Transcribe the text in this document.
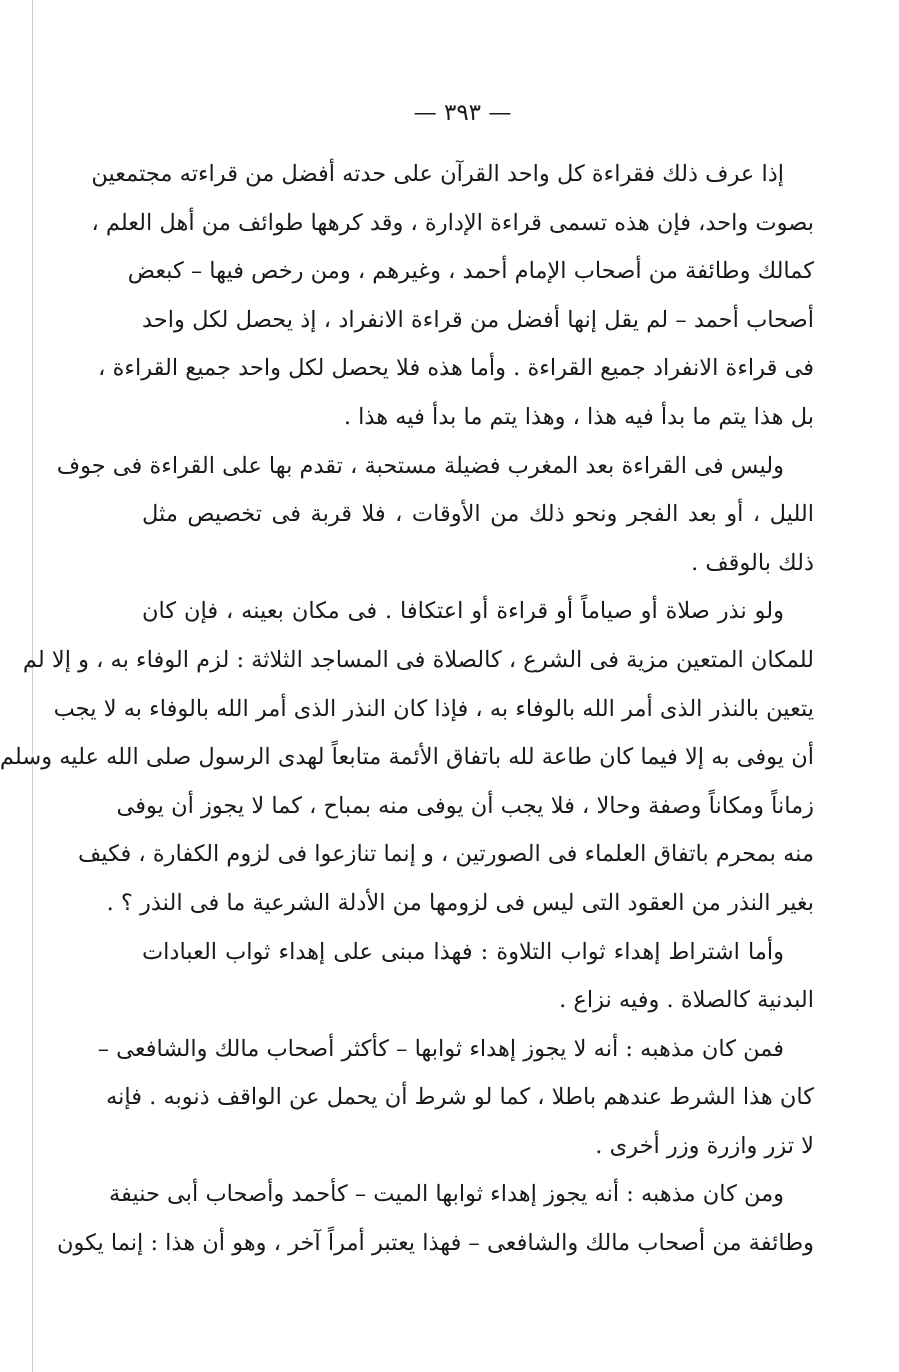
— ٣٩٣ —
إذا عرف ذلك فقراءة كل واحد القرآن على حدته أفضل من قراءته مجتمعين
بصوت واحد، فإن هذه تسمى قراءة الإدارة ، وقد كرهها طوائف من أهل العلم ،
كمالك وطائفة من أصحاب الإمام أحمد ، وغيرهم ، ومن رخص فيها – كبعض
أصحاب أحمد – لم يقل إنها أفضل من قراءة الانفراد ، إذ يحصل لكل واحد
فى قراءة الانفراد جميع القراءة . وأما هذه فلا يحصل لكل واحد جميع القراءة ،
بل هذا يتم ما بدأ فيه هذا ، وهذا يتم ما بدأ فيه هذا .
وليس فى القراءة بعد المغرب فضيلة مستحبة ، تقدم بها على القراءة فى جوف
الليل ، أو بعد الفجر ونحو ذلك من الأوقات ، فلا قربة فى تخصيص مثل
ذلك بالوقف .
ولو نذر صلاة أو صياماً أو قراءة أو اعتكافا . فى مكان بعينه ، فإن كان
للمكان المتعين مزية فى الشرع ، كالصلاة فى المساجد الثلاثة : لزم الوفاء به ، و إلا لم
يتعين بالنذر الذى أمر الله بالوفاء به ، فإذا كان النذر الذى أمر الله بالوفاء به لا يجب
أن يوفى به إلا فيما كان طاعة لله باتفاق الأئمة متابعاً لهدى الرسول صلى الله عليه وسلم
زماناً ومكاناً وصفة وحالا ، فلا يجب أن يوفى منه بمباح ، كما لا يجوز أن يوفى
منه بمحرم باتفاق العلماء فى الصورتين ، و إنما تنازعوا فى لزوم الكفارة ، فكيف
بغير النذر من العقود التى ليس فى لزومها من الأدلة الشرعية ما فى النذر ؟ .
وأما اشتراط إهداء ثواب التلاوة : فهذا مبنى على إهداء ثواب العبادات
البدنية كالصلاة . وفيه نزاع .
فمن كان مذهبه : أنه لا يجوز إهداء ثوابها – كأكثر أصحاب مالك والشافعى –
كان هذا الشرط عندهم باطلا ، كما لو شرط أن يحمل عن الواقف ذنوبه . فإنه
لا تزر وازرة وزر أخرى .
ومن كان مذهبه : أنه يجوز إهداء ثوابها الميت – كأحمد وأصحاب أبى حنيفة
وطائفة من أصحاب مالك والشافعى – فهذا يعتبر أمراً آخر ، وهو أن هذا : إنما يكون
